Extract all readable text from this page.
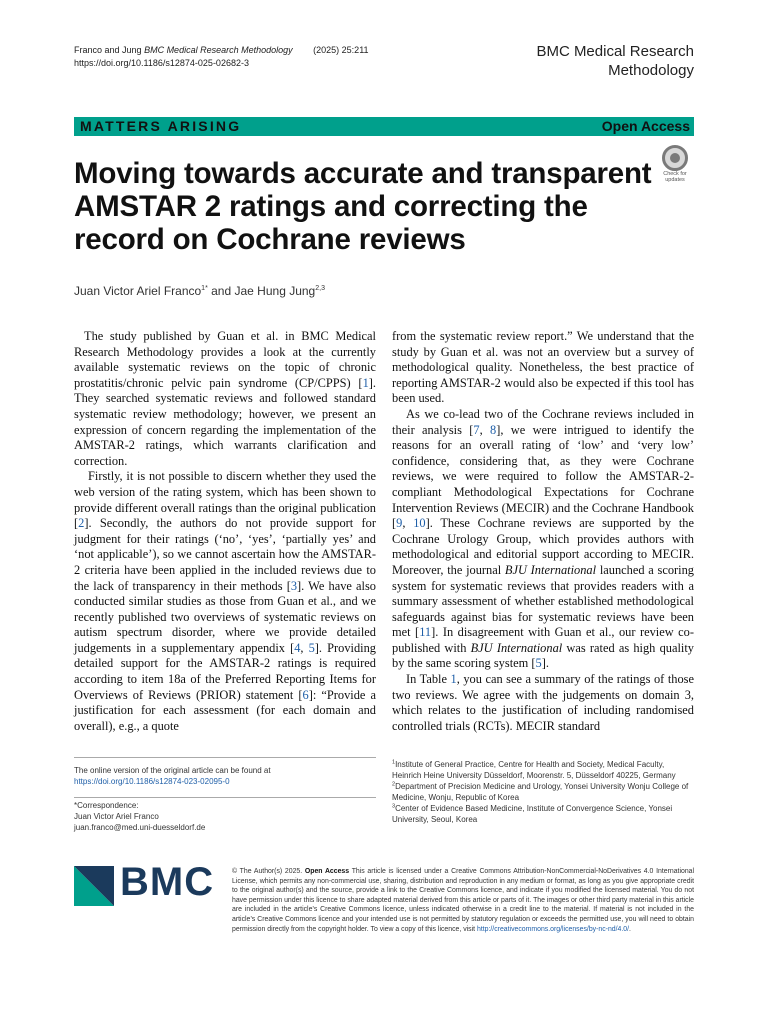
Franco and Jung BMC Medical Research Methodology (2025) 25:211
https://doi.org/10.1186/s12874-025-02682-3
BMC Medical Research
Methodology
MATTERS ARISING	Open Access
Check for
updates
Moving towards accurate and transparent AMSTAR 2 ratings and correcting the record on Cochrane reviews
Juan Victor Ariel Franco$^{1*}$ and Jae Hung Jung$^{2,3}$

The study published by Guan et al. in BMC Medical Research Methodology provides a look at the currently available systematic reviews on the topic of chronic prostatitis/chronic pelvic pain syndrome (CP/CPPS) [1]. They searched systematic reviews and followed standard systematic review methodology; however, we present an expression of concern regarding the implementation of the AMSTAR-2 ratings, which warrants clarification and correction.

Firstly, it is not possible to discern whether they used the web version of the rating system, which has been shown to provide different overall ratings than the original publication [2]. Secondly, the authors do not provide support for judgment for their ratings (‘no’, ‘yes’, ‘partially yes’ and ‘not applicable’), so we cannot ascertain how the AMSTAR-2 criteria have been applied in the included reviews due to the lack of transparency in their methods [3]. We have also conducted similar studies as those from Guan et al., and we recently published two overviews of systematic reviews on autism spectrum disorder, where we provide detailed judgements in a supplementary appendix [4, 5]. Providing detailed support for the AMSTAR-2 ratings is required according to item 18a of the Preferred Reporting Items for Overviews of Reviews (PRIOR) statement [6]: “Provide a justification for each assessment (for each domain and overall), e.g., a quote

from the systematic review report.” We understand that the study by Guan et al. was not an overview but a survey of methodological quality. Nonetheless, the best practice of reporting AMSTAR-2 would also be expected if this tool has been used.

As we co-lead two of the Cochrane reviews included in their analysis [7, 8], we were intrigued to identify the reasons for an overall rating of ‘low’ and ‘very low’ confidence, considering that, as they were Cochrane reviews, we were required to follow the AMSTAR-2-compliant Methodological Expectations for Cochrane Intervention Reviews (MECIR) and the Cochrane Handbook [9, 10]. These Cochrane reviews are supported by the Cochrane Urology Group, which provides authors with methodological and editorial support according to MECIR. Moreover, the journal BJU International launched a scoring system for systematic reviews that provides readers with a summary assessment of whether established methodological safeguards against bias for systematic reviews have been met [11]. In disagreement with Guan et al., our review co-published with BJU International was rated as high quality by the same scoring system [5].

In Table 1, you can see a summary of the ratings of those two reviews. We agree with the judgements on domain 3, which relates to the justification of including randomised controlled trials (RCTs). MECIR standard

The online version of the original article can be found at https://doi.org/10.1186/s12874-023-02095-0
*Correspondence:
Juan Victor Ariel Franco
juan.franco@med.uni-duesseldorf.de
$^1$Institute of General Practice, Centre for Health and Society, Medical Faculty, Heinrich Heine University Düsseldorf, Moorenstr. 5, Düsseldorf 40225, Germany
$^2$Department of Precision Medicine and Urology, Yonsei University Wonju College of Medicine, Wonju, Republic of Korea
$^3$Center of Evidence Based Medicine, Institute of Convergence Science, Yonsei University, Seoul, Korea
BMC	© The Author(s) 2025. Open Access This article is licensed under a Creative Commons Attribution-NonCommercial-NoDerivatives 4.0 International License, which permits any non-commercial use, sharing, distribution and reproduction in any medium or format, as long as you give appropriate credit to the original author(s) and the source, provide a link to the Creative Commons licence, and indicate if you modified the licensed material. You do not have permission under this licence to share adapted material derived from this article or parts of it. The images or other third party material in this article are included in the article’s Creative Commons licence, unless indicated otherwise in a credit line to the material. If material is not included in the article’s Creative Commons licence and your intended use is not permitted by statutory regulation or exceeds the permitted use, you will need to obtain permission directly from the copyright holder. To view a copy of this licence, visit http://creativecommons.org/licenses/by-nc-nd/4.0/.
